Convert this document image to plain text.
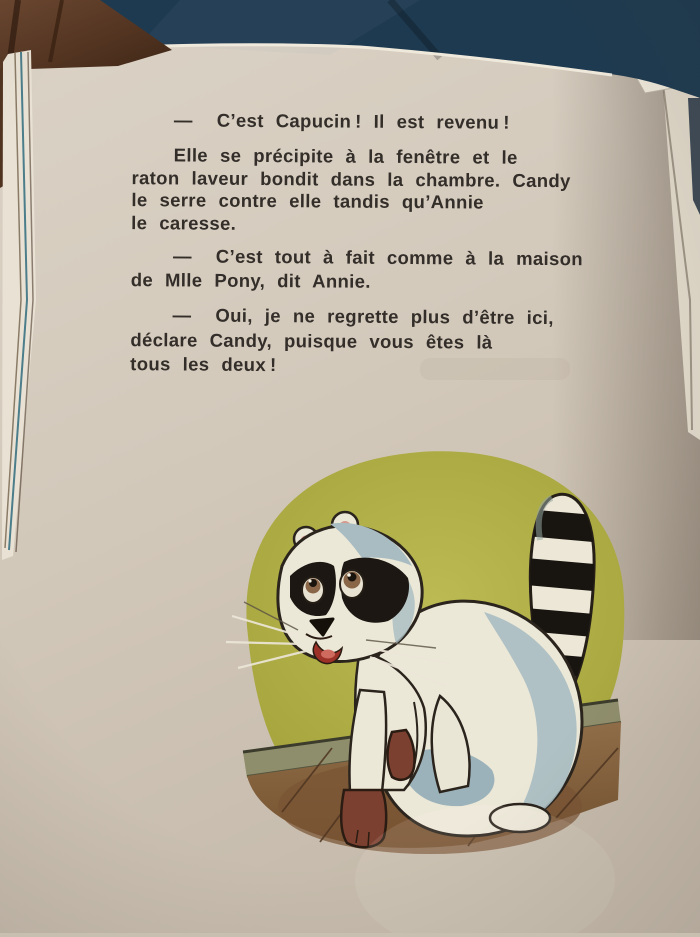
—  C’est Capucin ! Il est revenu !
Elle se précipite à la fenêtre et le
raton laveur bondit dans la chambre. Candy
le serre contre elle tandis qu’Annie
le caresse.
—  C’est tout à fait comme à la maison
de Mlle Pony, dit Annie.
—  Oui, je ne regrette plus d’être ici,
déclare Candy, puisque vous êtes là
tous les deux !
